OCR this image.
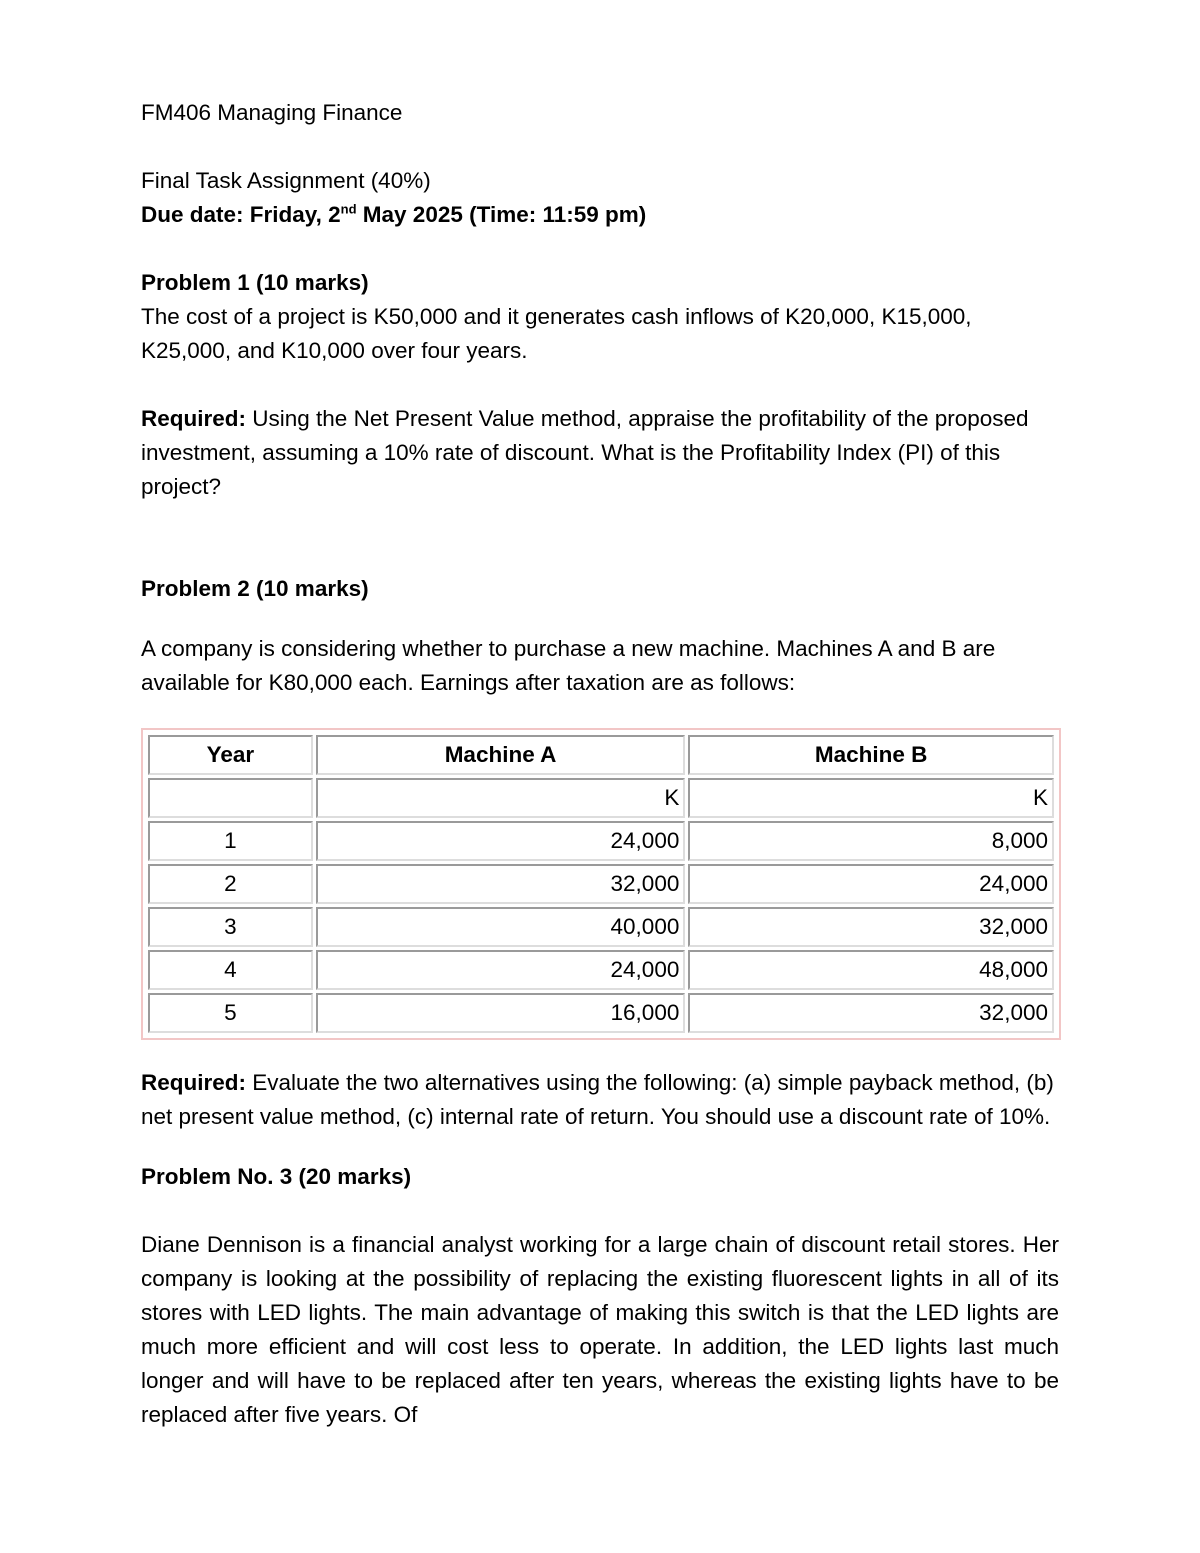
FM406 Managing Finance

Final Task Assignment (40%)

Due date: Friday, 2nd May 2025 (Time: 11:59 pm)

Problem 1 (10 marks)

The cost of a project is K50,000 and it generates cash inflows of K20,000, K15,000, K25,000, and K10,000 over four years.

Required: Using the Net Present Value method, appraise the profitability of the proposed investment, assuming a 10% rate of discount. What is the Profitability Index (PI) of this project?

Problem 2 (10 marks)

A company is considering whether to purchase a new machine. Machines A and B are available for K80,000 each. Earnings after taxation are as follows:

Year	Machine A	Machine B
	K	K
1	24,000	8,000
2	32,000	24,000
3	40,000	32,000
4	24,000	48,000
5	16,000	32,000

Required: Evaluate the two alternatives using the following: (a) simple payback method, (b) net present value method, (c) internal rate of return. You should use a discount rate of 10%.

Problem No. 3 (20 marks)

Diane Dennison is a financial analyst working for a large chain of discount retail stores. Her company is looking at the possibility of replacing the existing fluorescent lights in all of its stores with LED lights. The main advantage of making this switch is that the LED lights are much more efficient and will cost less to operate. In addition, the LED lights last much longer and will have to be replaced after ten years, whereas the existing lights have to be replaced after five years. Of
